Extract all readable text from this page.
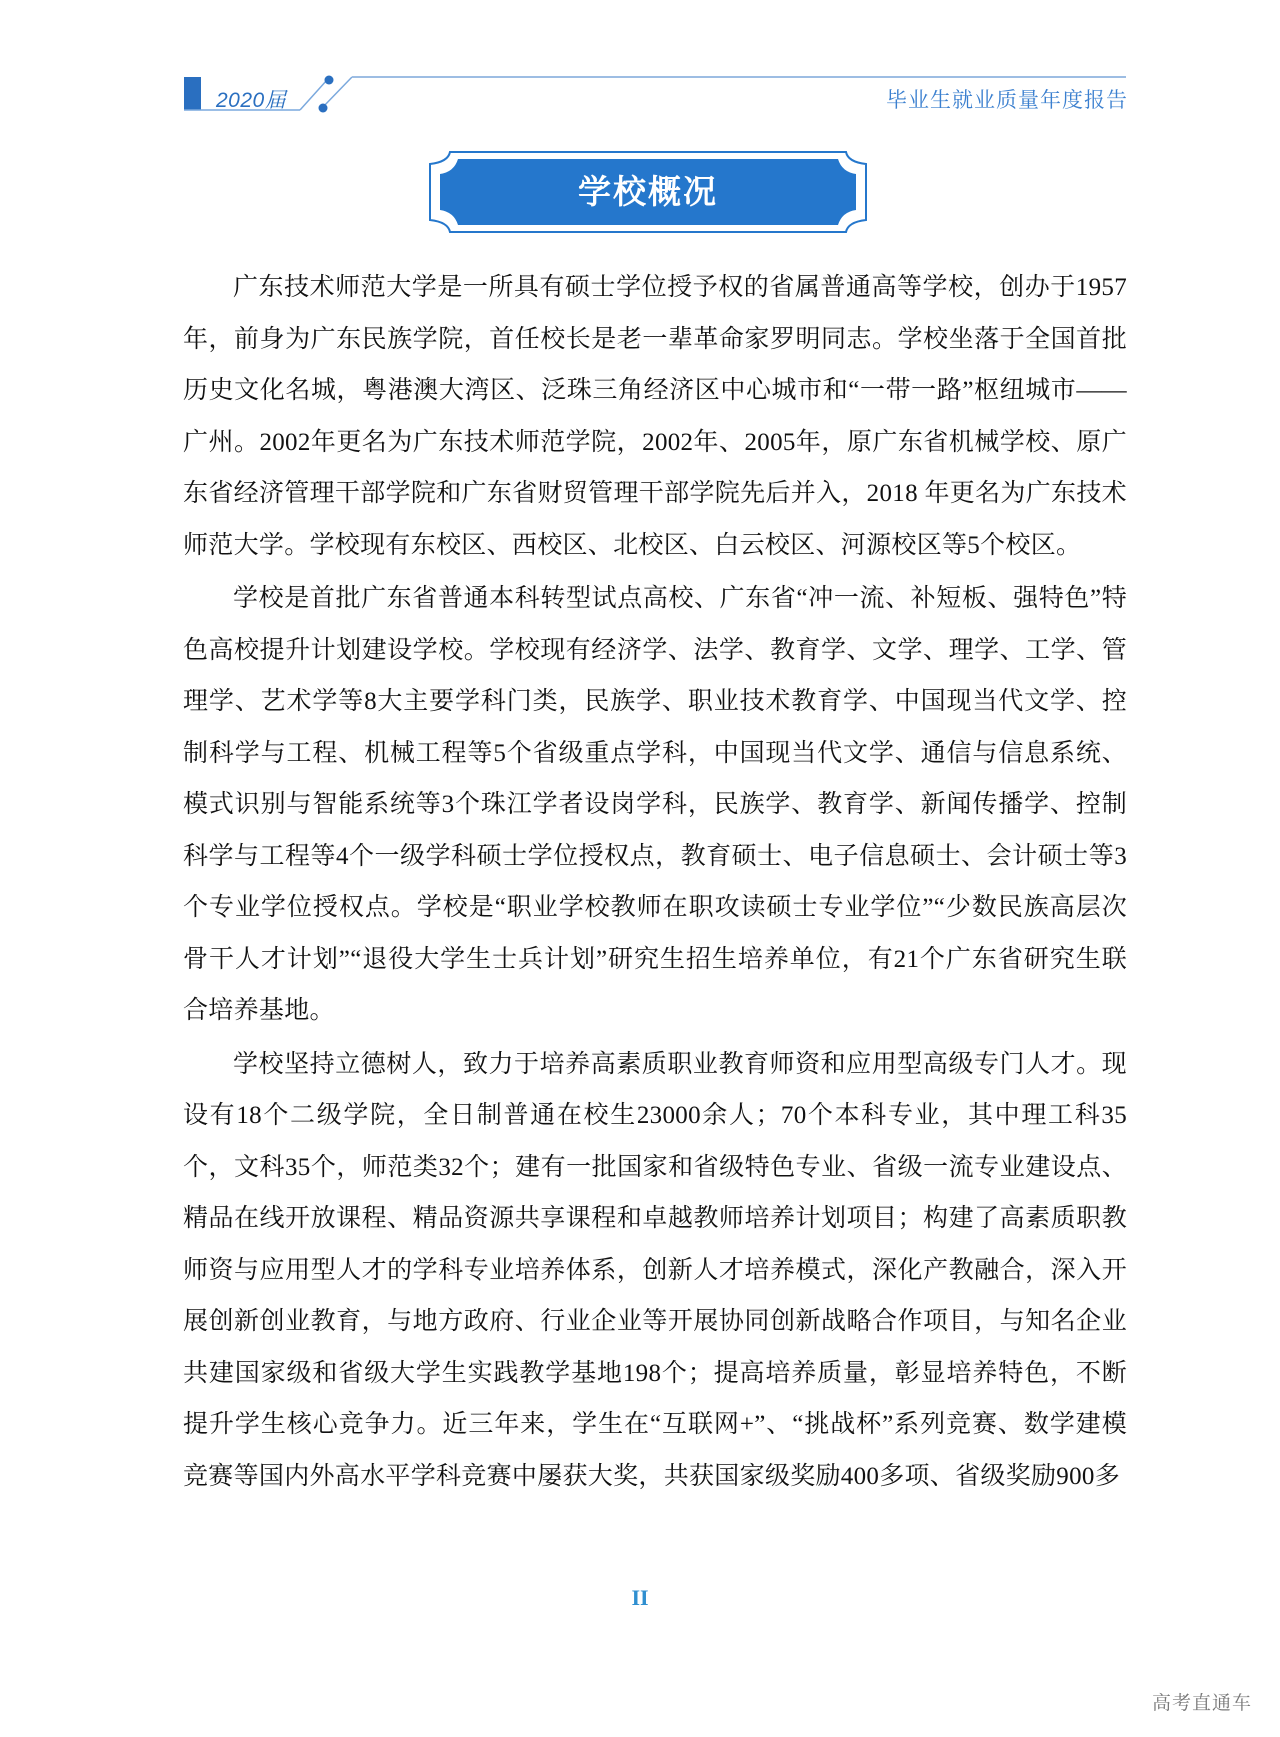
2020届	毕业生就业质量年度报告
学校概况

广东技术师范大学是一所具有硕士学位授予权的省属普通高等学校，创办于1957年，前身为广东民族学院，首任校长是老一辈革命家罗明同志。学校坐落于全国首批历史文化名城，粤港澳大湾区、泛珠三角经济区中心城市和“一带一路”枢纽城市——广州。2002年更名为广东技术师范学院，2002年、2005年，原广东省机械学校、原广东省经济管理干部学院和广东省财贸管理干部学院先后并入，2018 年更名为广东技术师范大学。学校现有东校区、西校区、北校区、白云校区、河源校区等5个校区。

学校是首批广东省普通本科转型试点高校、广东省“冲一流、补短板、强特色”特色高校提升计划建设学校。学校现有经济学、法学、教育学、文学、理学、工学、管理学、艺术学等8大主要学科门类，民族学、职业技术教育学、中国现当代文学、控制科学与工程、机械工程等5个省级重点学科，中国现当代文学、通信与信息系统、模式识别与智能系统等3个珠江学者设岗学科，民族学、教育学、新闻传播学、控制科学与工程等4个一级学科硕士学位授权点，教育硕士、电子信息硕士、会计硕士等3 个专业学位授权点。学校是“职业学校教师在职攻读硕士专业学位”“少数民族高层次骨干人才计划”“退役大学生士兵计划”研究生招生培养单位，有21个广东省研究生联合培养基地。

学校坚持立德树人，致力于培养高素质职业教育师资和应用型高级专门人才。现设有18个二级学院，全日制普通在校生23000余人；70个本科专业，其中理工科35个，文科35个，师范类32个；建有一批国家和省级特色专业、省级一流专业建设点、精品在线开放课程、精品资源共享课程和卓越教师培养计划项目；构建了高素质职教师资与应用型人才的学科专业培养体系，创新人才培养模式，深化产教融合，深入开展创新创业教育，与地方政府、行业企业等开展协同创新战略合作项目，与知名企业共建国家级和省级大学生实践教学基地198个；提高培养质量，彰显培养特色，不断提升学生核心竞争力。近三年来，学生在“互联网+”、“挑战杯”系列竞赛、数学建模竞赛等国内外高水平学科竞赛中屡获大奖，共获国家级奖励400多项、省级奖励900多

II
高考直通车
